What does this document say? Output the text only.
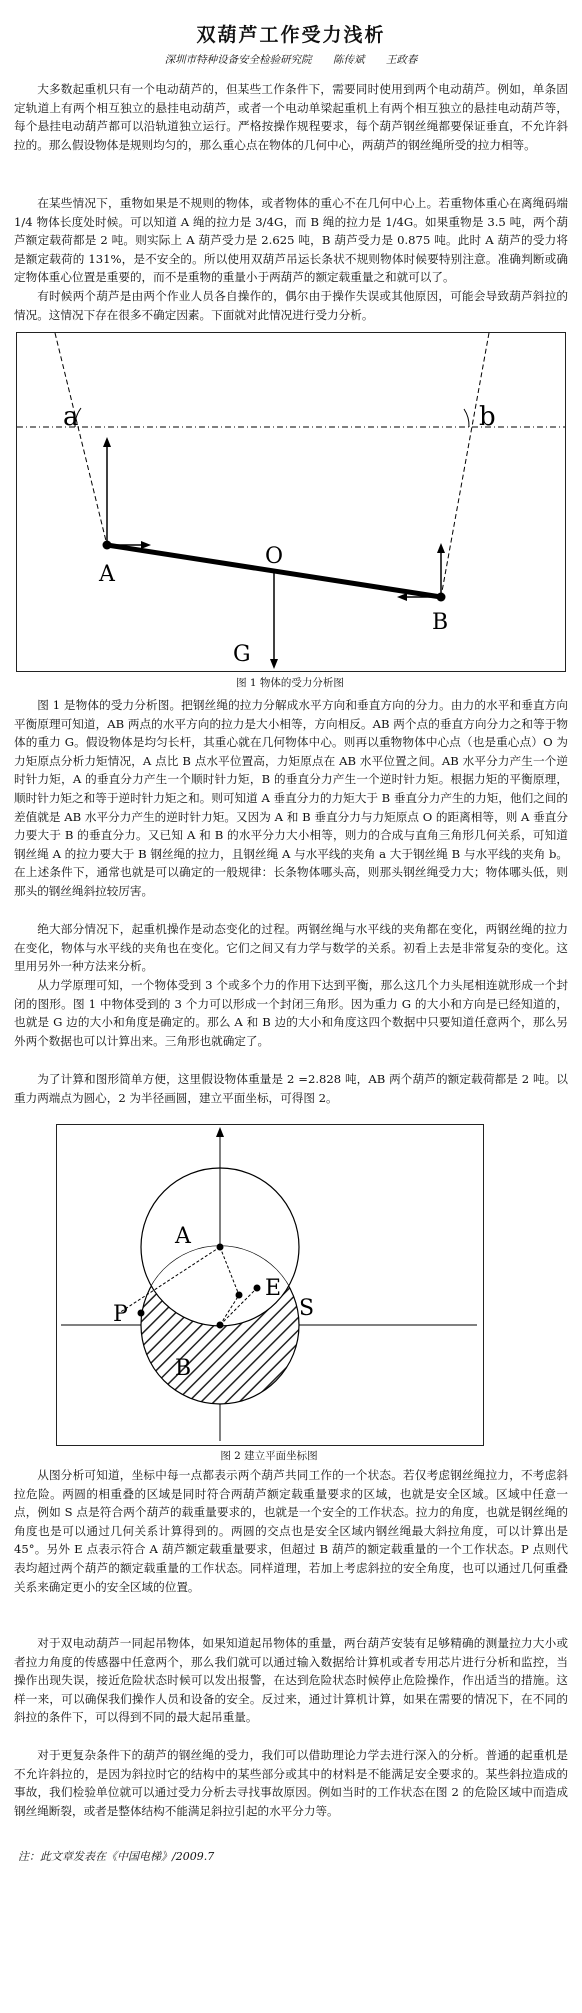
双葫芦工作受力浅析
深圳市特种设备安全检验研究院 陈传斌 王政春

大多数起重机只有一个电动葫芦的，但某些工作条件下，需要同时使用到两个电动葫芦。例如，单条固定轨道上有两个相互独立的悬挂电动葫芦，或者一个电动单梁起重机上有两个相互独立的悬挂电动葫芦等，每个悬挂电动葫芦都可以沿轨道独立运行。严格按操作规程要求，每个葫芦钢丝绳都要保证垂直，不允许斜拉的。那么假设物体是规则均匀的，那么重心点在物体的几何中心，两葫芦的钢丝绳所受的拉力相等。

在某些情况下，重物如果是不规则的物体，或者物体的重心不在几何中心上。若重物体重心在离绳码端 1/4 物体长度处时候。可以知道 A 绳的拉力是 3/4G，而 B 绳的拉力是 1/4G。如果重物是 3.5 吨，两个葫芦额定载荷都是 2 吨。则实际上 A 葫芦受力是 2.625 吨，B 葫芦受力是 0.875 吨。此时 A 葫芦的受力将是额定载荷的 131%，是不安全的。所以使用双葫芦吊运长条状不规则物体时候要特别注意。准确判断或确定物体重心位置是重要的，而不是重物的重量小于两葫芦的额定载重量之和就可以了。

有时候两个葫芦是由两个作业人员各自操作的，偶尔由于操作失误或其他原因，可能会导致葫芦斜拉的情况。这情况下存在很多不确定因素。下面就对此情况进行受力分析。

a	b
A
B
O
G
图 1 物体的受力分析图

图 1 是物体的受力分析图。把钢丝绳的拉力分解成水平方向和垂直方向的分力。由力的水平和垂直方向平衡原理可知道，AB 两点的水平方向的拉力是大小相等，方向相反。AB 两个点的垂直方向分力之和等于物体的重力 G。假设物体是均匀长杆，其重心就在几何物体中心。则再以重物物体中心点（也是重心点）O 为力矩原点分析力矩情况，A 点比 B 点水平位置高，力矩原点在 AB 水平位置之间。AB 水平分力产生一个逆时针力矩，A 的垂直分力产生一个顺时针力矩，B 的垂直分力产生一个逆时针力矩。根据力矩的平衡原理，顺时针力矩之和等于逆时针力矩之和。则可知道 A 垂直分力的力矩大于 B 垂直分力产生的力矩，他们之间的差值就是 AB 水平分力产生的逆时针力矩。又因为 A 和 B 垂直分力与力矩原点 O 的距离相等，则 A 垂直分力要大于 B 的垂直分力。又已知 A 和 B 的水平分力大小相等，则力的合成与直角三角形几何关系，可知道钢丝绳 A 的拉力要大于 B 钢丝绳的拉力，且钢丝绳 A 与水平线的夹角 a 大于钢丝绳 B 与水平线的夹角 b。在上述条件下，通常也就是可以确定的一般规律：长条物体哪头高，则那头钢丝绳受力大；物体哪头低，则那头的钢丝绳斜拉较厉害。

绝大部分情况下，起重机操作是动态变化的过程。两钢丝绳与水平线的夹角都在变化，两钢丝绳的拉力在变化，物体与水平线的夹角也在变化。它们之间又有力学与数学的关系。初看上去是非常复杂的变化。这里用另外一种方法来分析。

从力学原理可知，一个物体受到 3 个或多个力的作用下达到平衡，那么这几个力头尾相连就形成一个封闭的图形。图 1 中物体受到的 3 个力可以形成一个封闭三角形。因为重力 G 的大小和方向是已经知道的，也就是 G 边的大小和角度是确定的。那么 A 和 B 边的大小和角度这四个数据中只要知道任意两个，那么另外两个数据也可以计算出来。三角形也就确定了。

为了计算和图形简单方便，这里假设物体重量是 2 =2.828 吨，AB 两个葫芦的额定载荷都是 2 吨。以重力两端点为圆心，2 为半径画圆，建立平面坐标，可得图 2。

A
B
E
S
P
图 2 建立平面坐标图

从图分析可知道，坐标中每一点都表示两个葫芦共同工作的一个状态。若仅考虑钢丝绳拉力，不考虑斜拉危险。两圆的相重叠的区域是同时符合两葫芦额定载重量要求的区域，也就是安全区域。区域中任意一点，例如 S 点是符合两个葫芦的载重量要求的，也就是一个安全的工作状态。拉力的角度，也就是钢丝绳的角度也是可以通过几何关系计算得到的。两圆的交点也是安全区域内钢丝绳最大斜拉角度，可以计算出是 45°。另外 E 点表示符合 A 葫芦额定载重量要求，但超过 B 葫芦的额定载重量的一个工作状态。P 点则代表均超过两个葫芦的额定载重量的工作状态。同样道理，若加上考虑斜拉的安全角度，也可以通过几何重叠关系来确定更小的安全区域的位置。

对于双电动葫芦一同起吊物体，如果知道起吊物体的重量，两台葫芦安装有足够精确的测量拉力大小或者拉力角度的传感器中任意两个，那么我们就可以通过输入数据给计算机或者专用芯片进行分析和监控，当操作出现失误，接近危险状态时候可以发出报警，在达到危险状态时候停止危险操作，作出适当的措施。这样一来，可以确保我们操作人员和设备的安全。反过来，通过计算机计算，如果在需要的情况下，在不同的斜拉的条件下，可以得到不同的最大起吊重量。

对于更复杂条件下的葫芦的钢丝绳的受力，我们可以借助理论力学去进行深入的分析。普通的起重机是不允许斜拉的，是因为斜拉时它的结构中的某些部分或其中的材料是不能满足安全要求的。某些斜拉造成的事故，我们检验单位就可以通过受力分析去寻找事故原因。例如当时的工作状态在图 2 的危险区域中而造成钢丝绳断裂，或者是整体结构不能满足斜拉引起的水平分力等。

注：此文章发表在《中国电梯》/2009.7
